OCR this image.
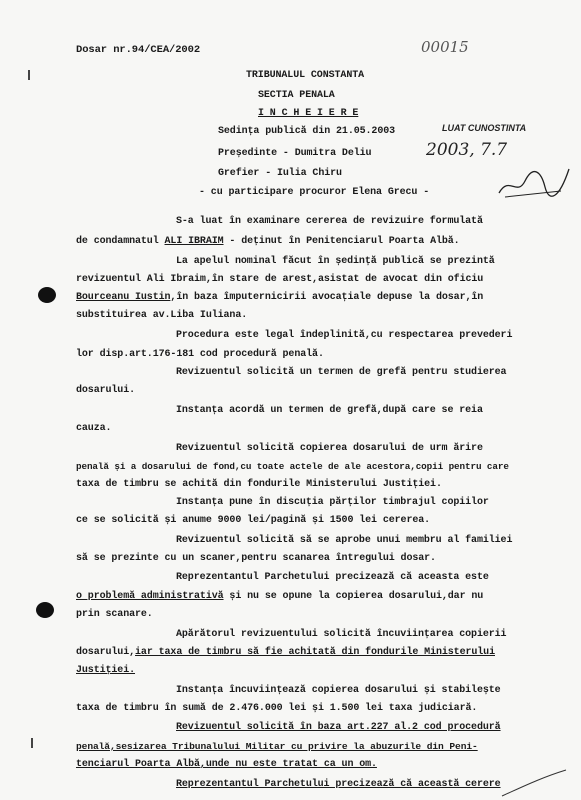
Dosar nr.94/CEA/2002	00015
TRIBUNALUL CONSTANTA
SECTIA PENALA
I N C H E I E R E
Sedința publică din 21.05.2003	LUAT CUNOSTINTA
2003, 7.7
Președinte - Dumitra Deliu
Grefier - Iulia Chiru
- cu participare procuror Elena Grecu -
S-a luat în examinare cererea de revizuire formulată
de condamnatul ALI IBRAIM - deținut în Penitenciarul Poarta Albă.
La apelul nominal făcut în ședință publică se prezintă
revizuentul Ali Ibraim,în stare de arest,asistat de avocat din oficiu
Bourceanu Iustin,în baza împuternicirii avocațiale depuse la dosar,în
substituirea av.Liba Iuliana.
Procedura este legal îndeplinită,cu respectarea prevederi
lor disp.art.176-181 cod procedură penală.
Revizuentul solicită un termen de grefă pentru studierea
dosarului.
Instanța acordă un termen de grefă,după care se reia
cauza.
Revizuentul solicită copierea dosarului de urm ărire
penală și a dosarului de fond,cu toate actele de ale acestora,copii pentru care
taxa de timbru se achită din fondurile Ministerului Justiției.
Instanța pune în discuția părților timbrajul copiilor
ce se solicită și anume 9000 lei/pagină și 1500 lei cererea.
Revizuentul solicită să se aprobe unui membru al familiei
să se prezinte cu un scaner,pentru scanarea întregului dosar.
Reprezentantul Parchetului precizează că aceasta este
o problemă administrativă și nu se opune la copierea dosarului,dar nu
prin scanare.
Apărătorul revizuentului solicită încuviințarea copierii
dosarului,iar taxa de timbru să fie achitată din fondurile Ministerului
Justiției.
Instanța încuviințează copierea dosarului și stabilește
taxa de timbru în sumă de 2.476.000 lei și 1.500 lei taxa judiciară.
Revizuentul solicită în baza art.227 al.2 cod procedură
penală,sesizarea Tribunalului Militar cu privire la abuzurile din Peni-
tenciarul Poarta Albă,unde nu este tratat ca un om.
Reprezentantul Parchetului precizează că această cerere
